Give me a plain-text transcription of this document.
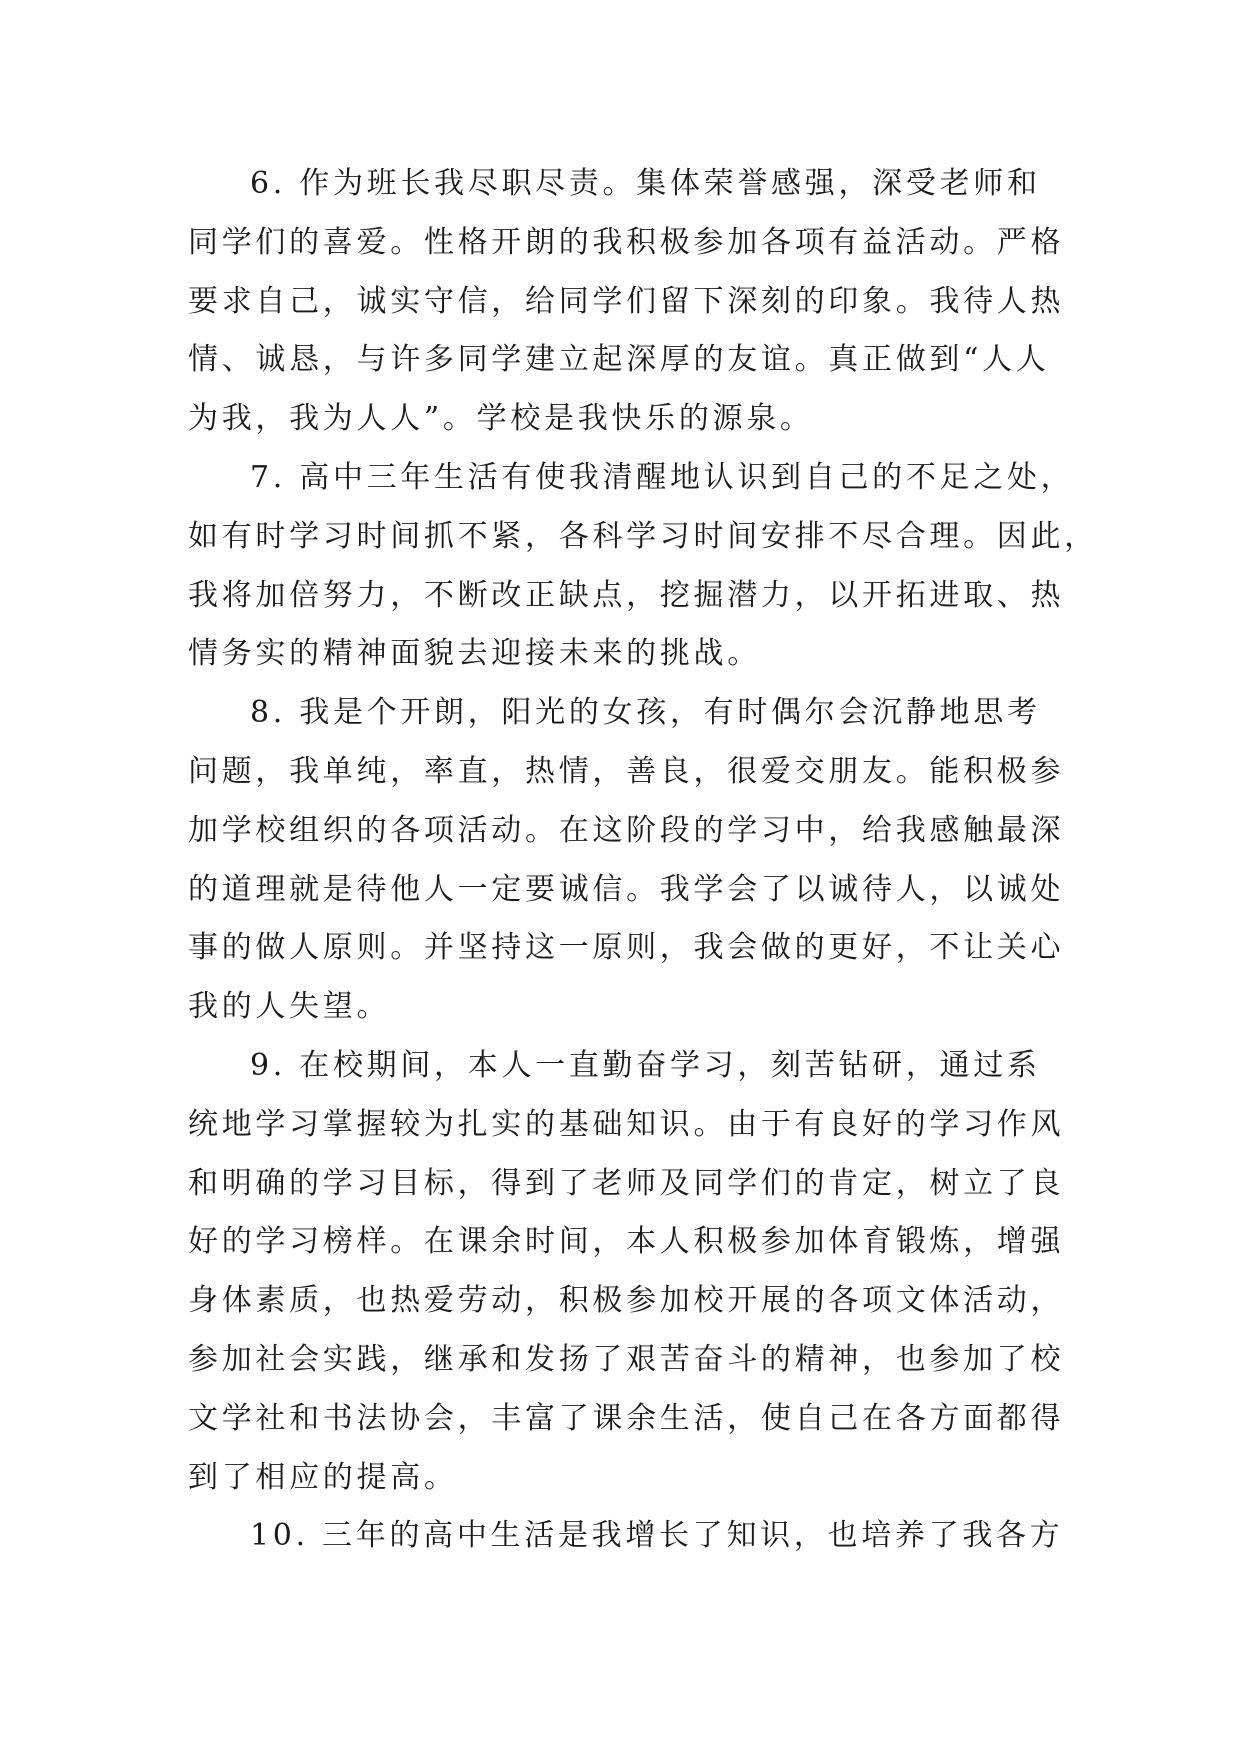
6. 作为班长我尽职尽责。集体荣誉感强，深受老师和
同学们的喜爱。性格开朗的我积极参加各项有益活动。严格
要求自己，诚实守信，给同学们留下深刻的印象。我待人热
情、诚恳，与许多同学建立起深厚的友谊。真正做到“人人
为我，我为人人”。学校是我快乐的源泉。
7. 高中三年生活有使我清醒地认识到自己的不足之处，
如有时学习时间抓不紧，各科学习时间安排不尽合理。因此，
我将加倍努力，不断改正缺点，挖掘潜力，以开拓进取、热
情务实的精神面貌去迎接未来的挑战。
8. 我是个开朗，阳光的女孩，有时偶尔会沉静地思考
问题，我单纯，率直，热情，善良，很爱交朋友。能积极参
加学校组织的各项活动。在这阶段的学习中，给我感触最深
的道理就是待他人一定要诚信。我学会了以诚待人，以诚处
事的做人原则。并坚持这一原则，我会做的更好，不让关心
我的人失望。
9. 在校期间，本人一直勤奋学习，刻苦钻研，通过系
统地学习掌握较为扎实的基础知识。由于有良好的学习作风
和明确的学习目标，得到了老师及同学们的肯定，树立了良
好的学习榜样。在课余时间，本人积极参加体育锻炼，增强
身体素质，也热爱劳动，积极参加校开展的各项文体活动，
参加社会实践，继承和发扬了艰苦奋斗的精神，也参加了校
文学社和书法协会，丰富了课余生活，使自己在各方面都得
到了相应的提高。
10. 三年的高中生活是我增长了知识，也培养了我各方
